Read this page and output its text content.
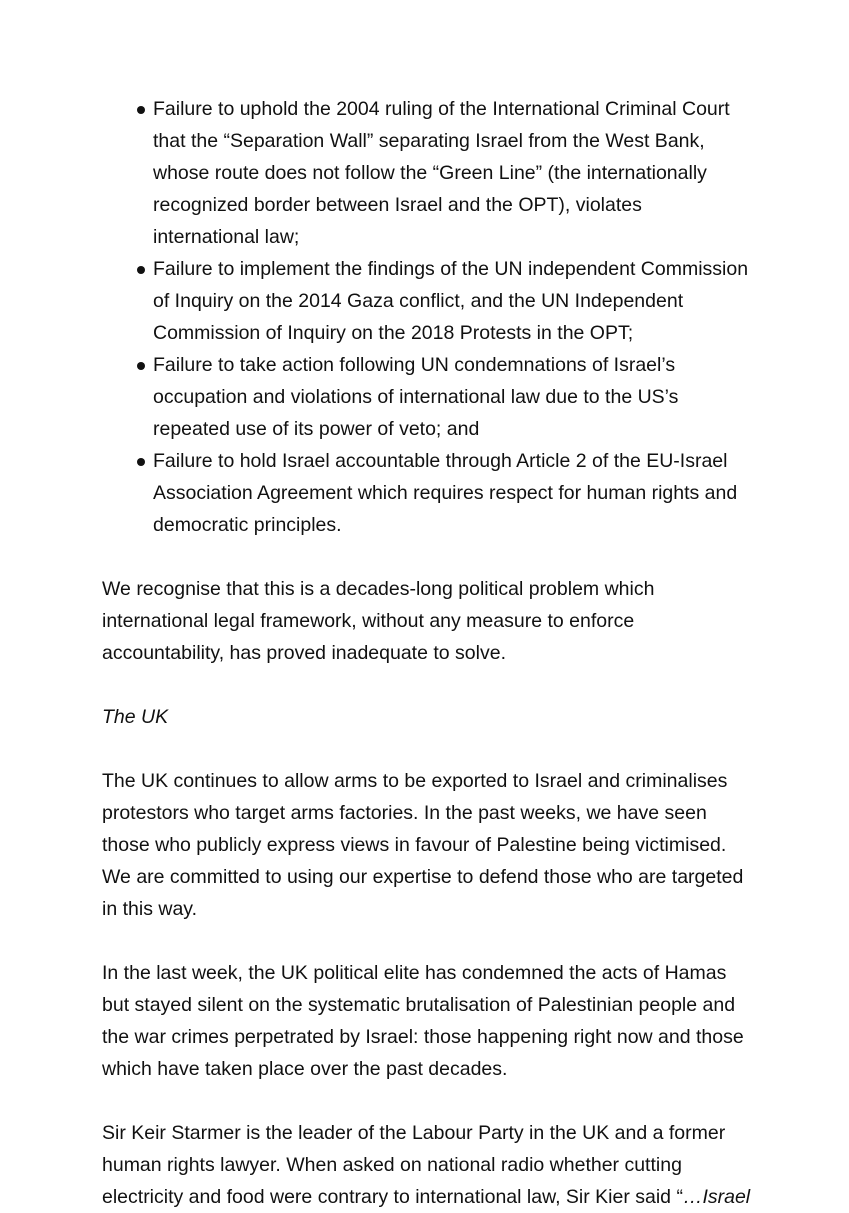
Failure to uphold the 2004 ruling of the International Criminal Court that the “Separation Wall” separating Israel from the West Bank, whose route does not follow the “Green Line” (the internationally recognized border between Israel and the OPT), violates international law;
Failure to implement the findings of the UN independent Commission of Inquiry on the 2014 Gaza conflict, and the UN Independent Commission of Inquiry on the 2018 Protests in the OPT;
Failure to take action following UN condemnations of Israel’s occupation and violations of international law due to the US’s repeated use of its power of veto; and
Failure to hold Israel accountable through Article 2 of the EU-Israel Association Agreement which requires respect for human rights and democratic principles.

We recognise that this is a decades-long political problem which international legal framework, without any measure to enforce accountability, has proved inadequate to solve.

The UK

The UK continues to allow arms to be exported to Israel and criminalises protestors who target arms factories. In the past weeks, we have seen those who publicly express views in favour of Palestine being victimised. We are committed to using our expertise to defend those who are targeted in this way.

In the last week, the UK political elite has condemned the acts of Hamas but stayed silent on the systematic brutalisation of Palestinian people and the war crimes perpetrated by Israel: those happening right now and those which have taken place over the past decades.

Sir Keir Starmer is the leader of the Labour Party in the UK and a former human rights lawyer. When asked on national radio whether cutting electricity and food were contrary to international law, Sir Kier said “…Israel
